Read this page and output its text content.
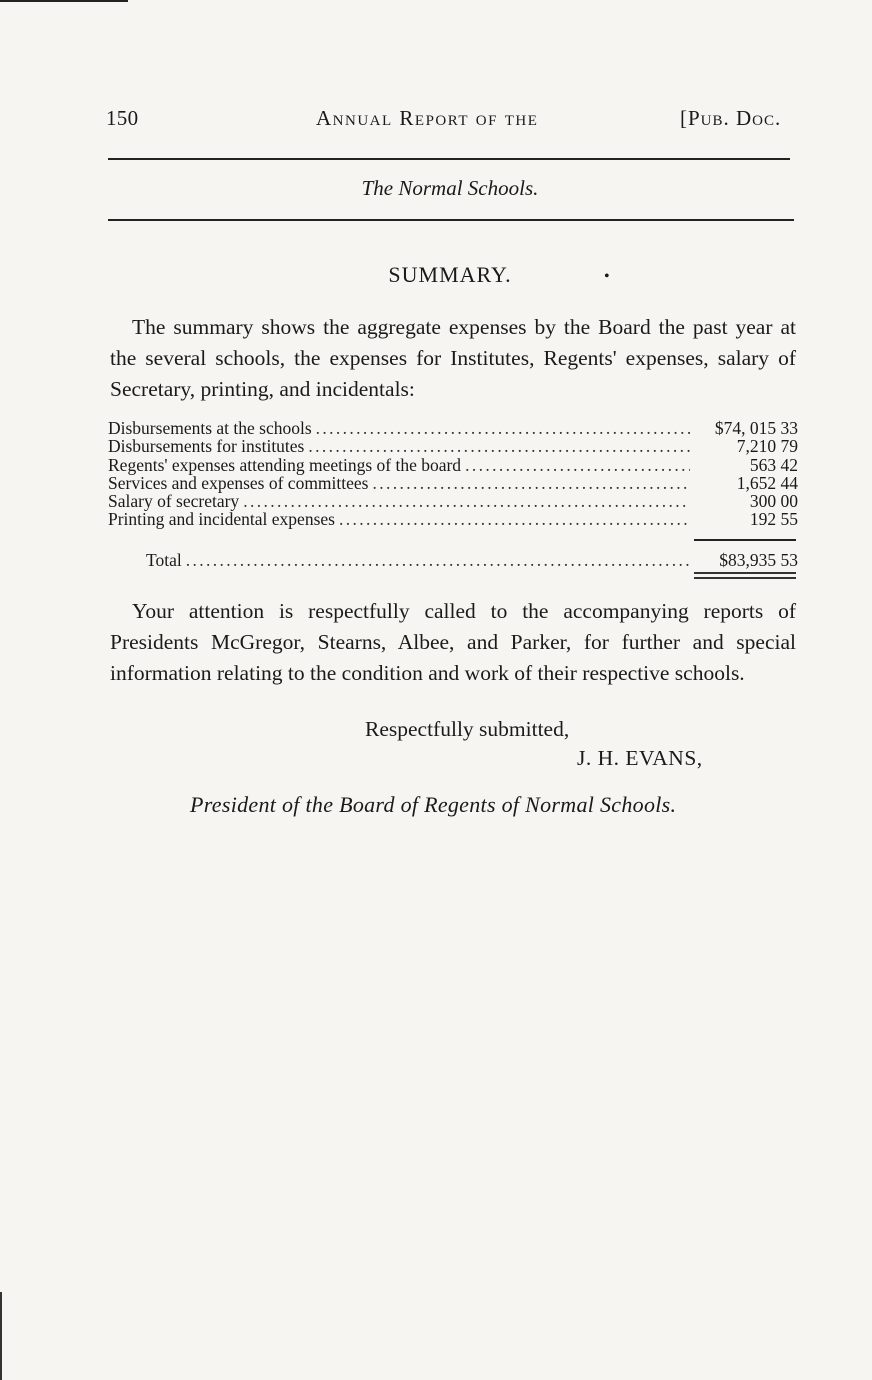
150	Annual Report of the	[Pub. Doc.
The Normal Schools.
SUMMARY.	•
The summary shows the aggregate expenses by the Board the past year at the several schools, the expenses for Institutes, Regents' expenses, salary of Secretary, printing, and incidentals:
Disbursements at the schools . . .	$74, 015 33
Disbursements for institutes . . .	7,210 79
Regents' expenses attending meetings of the board . . .	563 42
Services and expenses of committees . . .	1,652 44
Salary of secretary . . .	300 00
Printing and incidental expenses . . .	192 55
Total . . .	$83,935 53
Your attention is respectfully called to the accompanying reports of Presidents McGregor, Stearns, Albee, and Parker, for further and special information relating to the condition and work of their respective schools.
Respectfully submitted,
J. H. EVANS,
President of the Board of Regents of Normal Schools.
